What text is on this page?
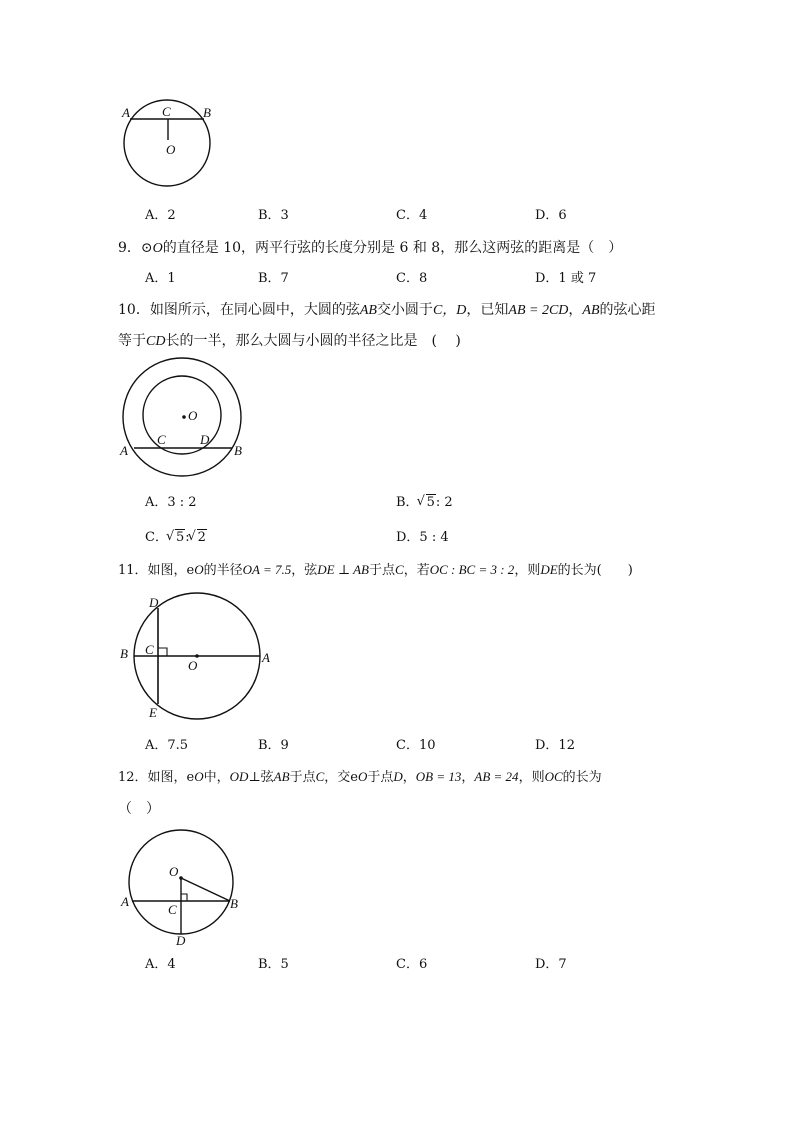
A C B
O
A．2	B．3	C．4	D．6
9．⊙O的直径是 10，两平行弦的长度分别是 6 和 8，那么这两弦的距离是（　）
A．1	B．7	C．8	D．1 或 7
10．如图所示，在同心圆中，大圆的弦AB交小圆于C，D，已知AB = 2CD，AB的弦心距
等于CD长的一半，那么大圆与小圆的半径之比是　(　 )
O
C	D
A	B
A．3 : 2	B． √ 5: 2
C． √ 5: √ 2	D．5 : 4
11．如图，eO的半径OA = 7.5，弦DE ⊥ AB于点C，若OC : BC = 3 : 2，则DE的长为(　　)
D
B C
O
A
E
A．7.5	B．9	C．10	D．12
12．如图，eO中，OD⊥弦AB于点C，交eO于点D，OB = 13，AB = 24，则OC的长为
（　）
O
A
C	B
D
A．4	B．5	C．6	D．7
